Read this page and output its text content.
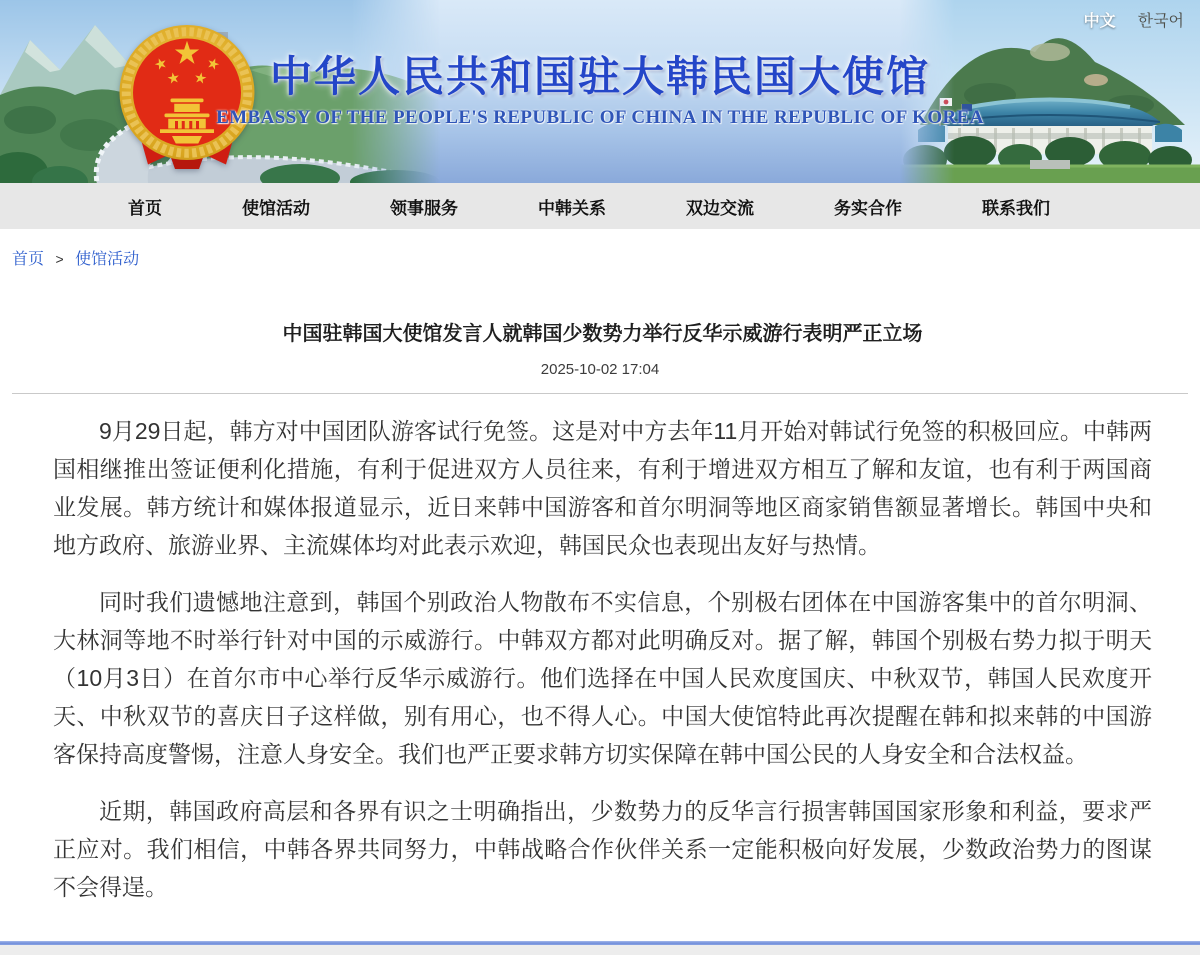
中华人民共和国驻大韩民国大使馆
EMBASSY OF THE PEOPLE'S REPUBLIC OF CHINA IN THE REPUBLIC OF KOREA
中文 한국어
首页	使馆活动	领事服务	中韩关系	双边交流	务实合作	联系我们
首页 > 使馆活动
中国驻韩国大使馆发言人就韩国少数势力举行反华示威游行表明严正立场
2025-10-02 17:04

9月29日起，韩方对中国团队游客试行免签。这是对中方去年11月开始对韩试行免签的积极回应。中韩两国相继推出签证便利化措施，有利于促进双方人员往来，有利于增进双方相互了解和友谊，也有利于两国商业发展。韩方统计和媒体报道显示，近日来韩中国游客和首尔明洞等地区商家销售额显著增长。韩国中央和地方政府、旅游业界、主流媒体均对此表示欢迎，韩国民众也表现出友好与热情。

同时我们遗憾地注意到，韩国个别政治人物散布不实信息，个别极右团体在中国游客集中的首尔明洞、大林洞等地不时举行针对中国的示威游行。中韩双方都对此明确反对。据了解，韩国个别极右势力拟于明天（10月3日）在首尔市中心举行反华示威游行。他们选择在中国人民欢度国庆、中秋双节，韩国人民欢度开天、中秋双节的喜庆日子这样做，别有用心，也不得人心。中国大使馆特此再次提醒在韩和拟来韩的中国游客保持高度警惕，注意人身安全。我们也严正要求韩方切实保障在韩中国公民的人身安全和合法权益。

近期，韩国政府高层和各界有识之士明确指出，少数势力的反华言行损害韩国国家形象和利益，要求严正应对。我们相信，中韩各界共同努力，中韩战略合作伙伴关系一定能积极向好发展，少数政治势力的图谋不会得逞。
